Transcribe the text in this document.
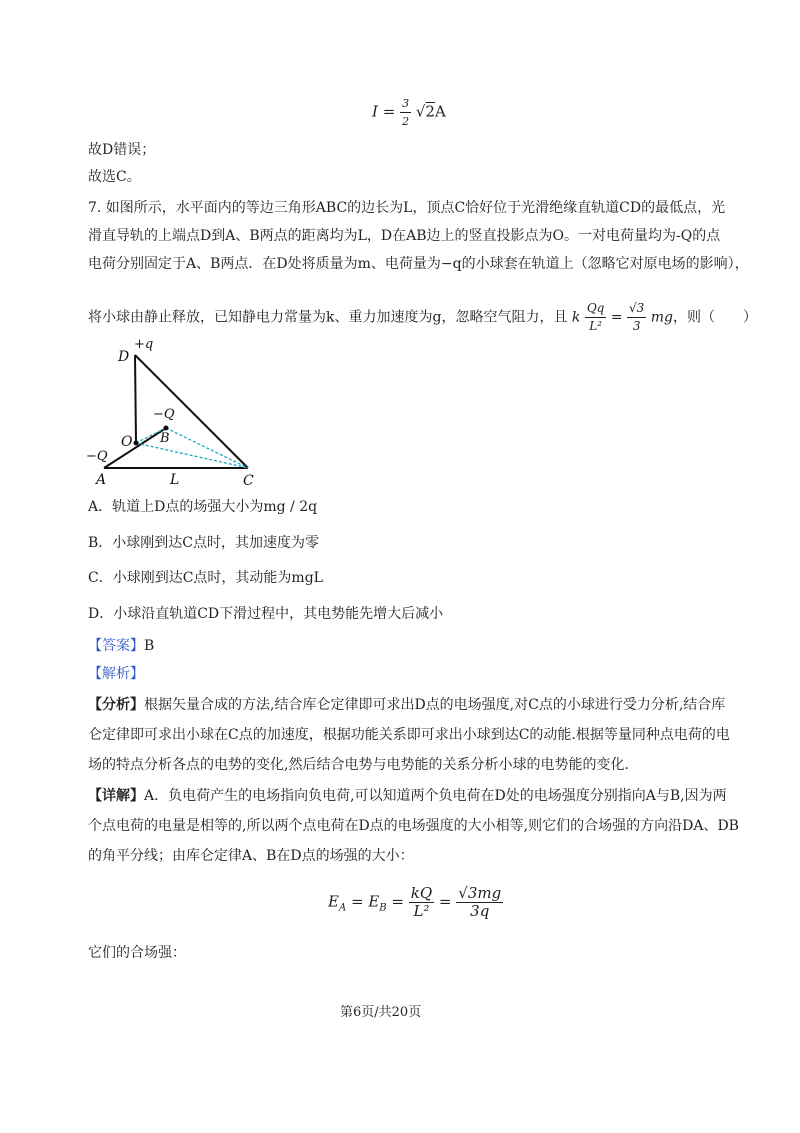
$I = \frac{3}{2} √2A$
故D错误；
故选C。
7. 如图所示，水平面内的等边三角形ABC的边长为L，顶点C恰好位于光滑绝缘直轨道CD的最低点，光
滑直导轨的上端点D到A、B两点的距离均为L，D在AB边上的竖直投影点为O。一对电荷量均为-Q的点
电荷分别固定于A、B两点．在D处将质量为m、电荷量为−q的小球套在轨道上（忽略它对原电场的影响），
将小球由静止释放，已知静电力常量为k、重力加速度为g，忽略空气阻力，且 k $\frac{Qq}{\text{L²}} = \frac{√3}{3}$ mg，则（　　）
D
+q
−Q
B
O
−Q
A	L	C
A．轨道上D点的场强大小为mg / 2q
B．小球刚到达C点时，其加速度为零
C．小球刚到达C点时，其动能为mgL
D．小球沿直轨道CD下滑过程中，其电势能先增大后减小
【答案】B
【解析】
【分析】根据矢量合成的方法,结合库仑定律即可求出D点的电场强度,对C点的小球进行受力分析,结合库
仑定律即可求出小球在C点的加速度，根据功能关系即可求出小球到达C的动能.根据等量同种点电荷的电
场的特点分析各点的电势的变化,然后结合电势与电势能的关系分析小球的电势能的变化.
【详解】A．负电荷产生的电场指向负电荷,可以知道两个负电荷在D处的电场强度分别指向A与B,因为两
个点电荷的电量是相等的,所以两个点电荷在D点的电场强度的大小相等,则它们的合场强的方向沿DA、DB
的角平分线；由库仑定律A、B在D点的场强的大小：
$E_A = E_B = \frac{kQ}{\text{L²}} = \frac{√3mg}{3q}$
它们的合场强：
第6页/共20页
